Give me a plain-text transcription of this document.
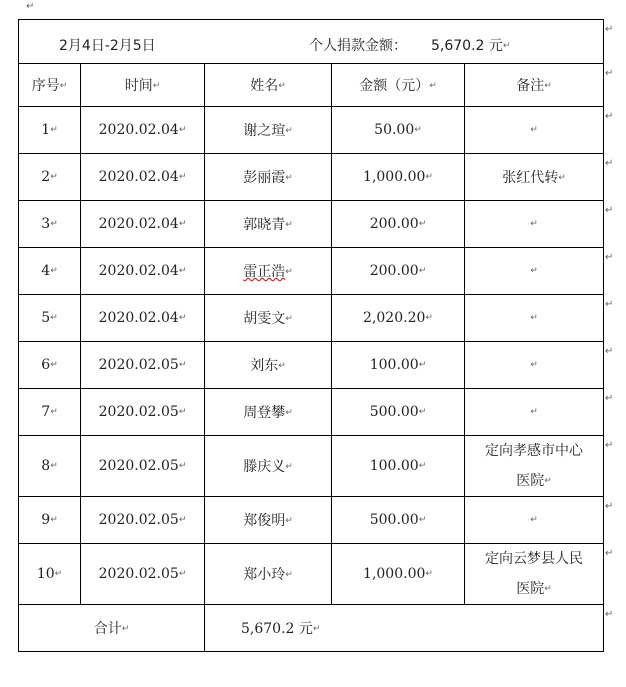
↵
2月4日-2月5日 个人捐款金额： 5,670.2 元↵				

序号↵	时间↵	姓名↵	金额（元）↵	备注↵
1↵	2020.02.04↵	谢之瑄↵	50.00↵	↵
2↵	2020.02.04↵	彭丽霞↵	1,000.00↵	张红代转↵
3↵	2020.02.04↵	郭晓青↵	200.00↵	↵
4↵	2020.02.04↵	雷正浩↵	200.00↵	↵
5↵	2020.02.04↵	胡雯文↵	2,020.20↵	↵
6↵	2020.02.05↵	刘东↵	100.00↵	↵
7↵	2020.02.05↵	周登攀↵	500.00↵	↵
8↵	2020.02.05↵	滕庆义↵	100.00↵	定向孝感市中心
医院↵

9↵	2020.02.05↵	郑俊明↵	500.00↵	↵
10↵	2020.02.05↵	郑小玲↵	1,000.00↵	定向云梦县人民
医院↵

合计↵		5,670.2 元↵		
↵
↵
↵
↵
↵
↵
↵
↵
↵
↵
↵
↵
↵
